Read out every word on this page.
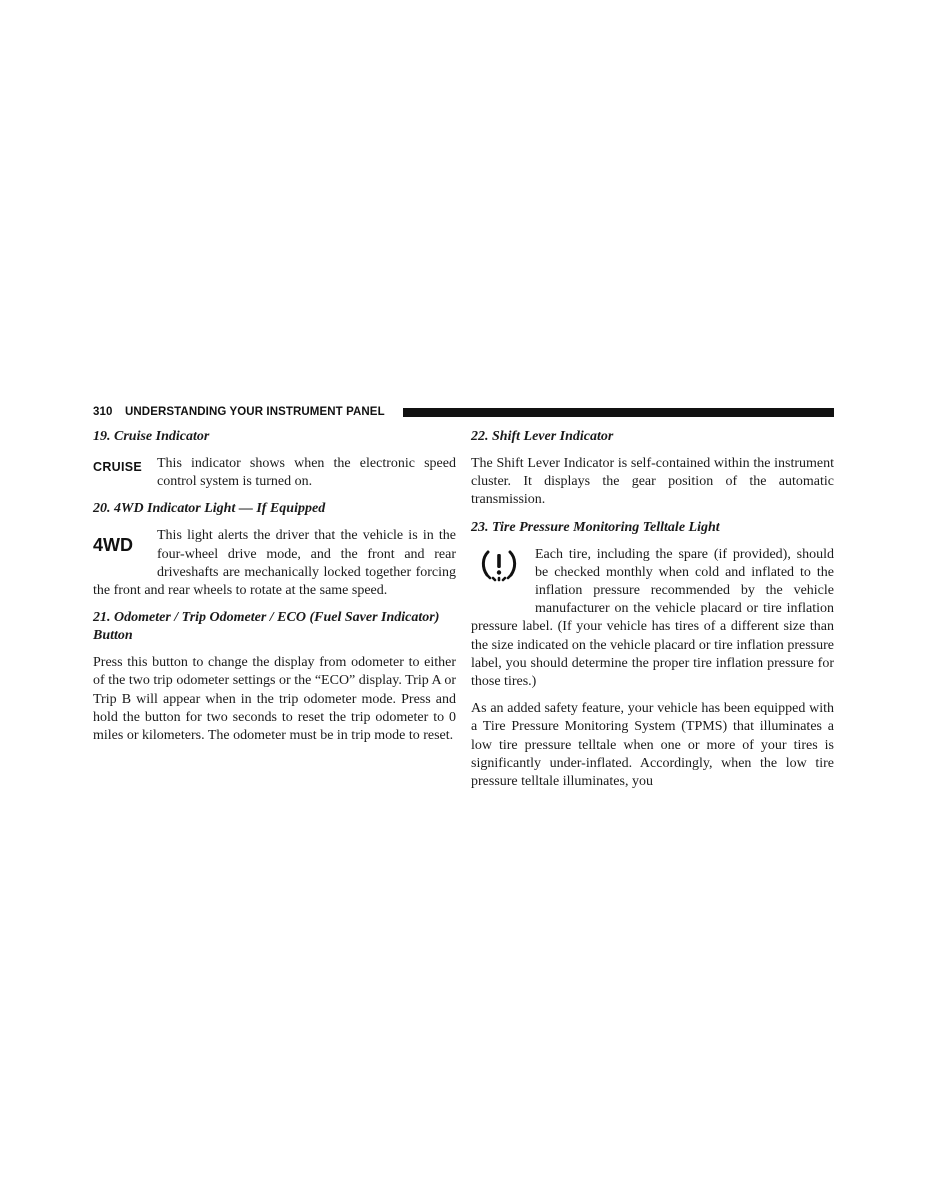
310 UNDERSTANDING YOUR INSTRUMENT PANEL
19. Cruise Indicator
CRUISE	This indicator shows when the electronic speed control system is turned on.
20. 4WD Indicator Light — If Equipped
4WD	This light alerts the driver that the vehicle is in the four-wheel drive mode, and the front and rear driveshafts are mechanically locked together forcing the front and rear wheels to rotate at the same speed.
21. Odometer / Trip Odometer / ECO (Fuel Saver Indicator) Button
Press this button to change the display from odometer to either of the two trip odometer settings or the “ECO” display. Trip A or Trip B will appear when in the trip odometer mode. Press and hold the button for two seconds to reset the trip odometer to 0 miles or kilometers. The odometer must be in trip mode to reset.
22. Shift Lever Indicator
The Shift Lever Indicator is self-contained within the instrument cluster. It displays the gear position of the automatic transmission.
23. Tire Pressure Monitoring Telltale Light
Each tire, including the spare (if provided), should be checked monthly when cold and inflated to the inflation pressure recommended by the vehicle manufacturer on the vehicle placard or tire inflation pressure label. (If your vehicle has tires of a different size than the size indicated on the vehicle placard or tire inflation pressure label, you should determine the proper tire inflation pressure for those tires.)
As an added safety feature, your vehicle has been equipped with a Tire Pressure Monitoring System (TPMS) that illuminates a low tire pressure telltale when one or more of your tires is significantly under-inflated. Accordingly, when the low tire pressure telltale illuminates, you
